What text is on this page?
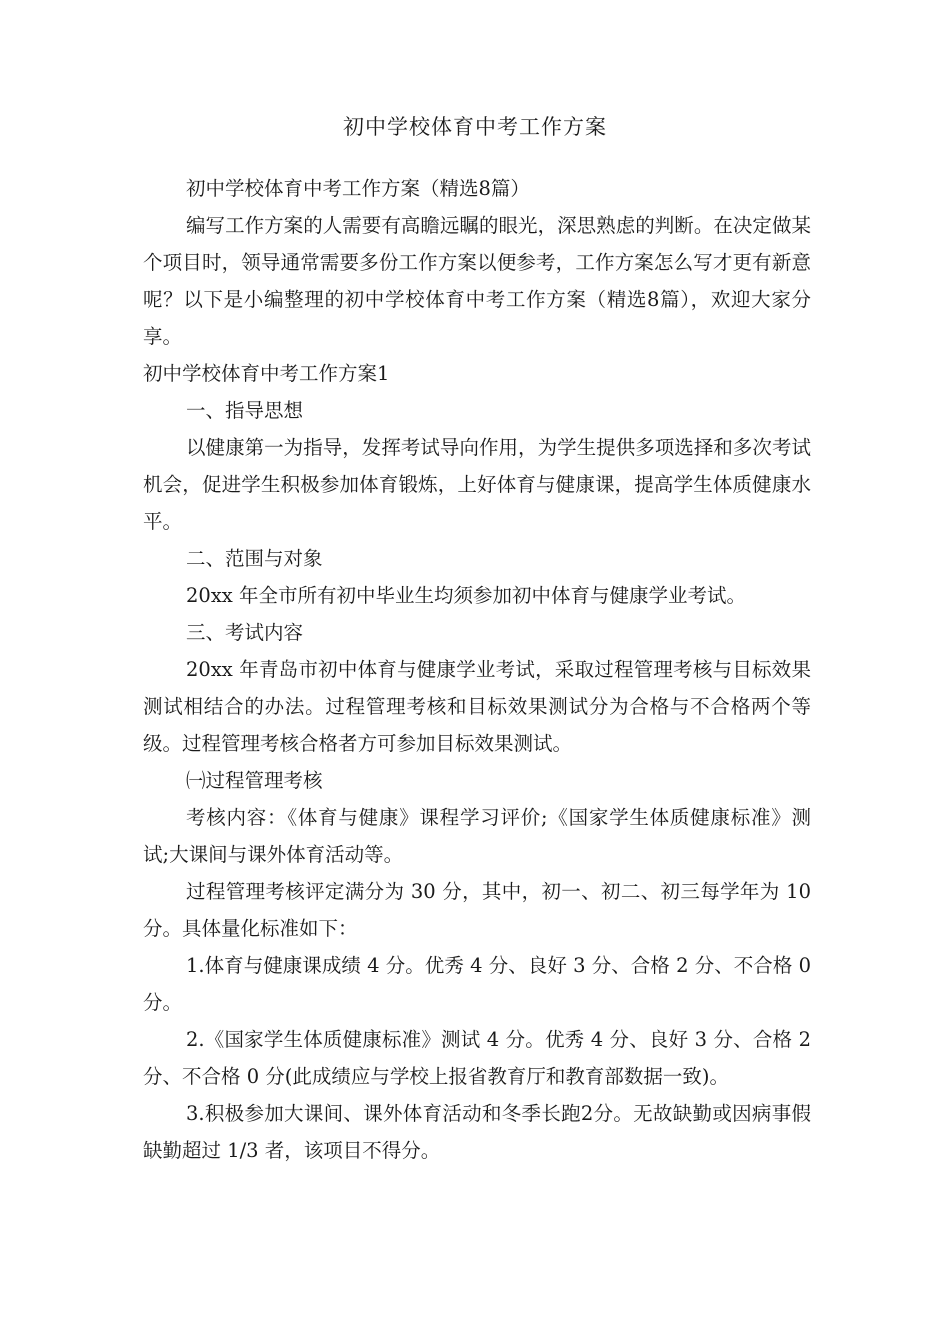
初中学校体育中考工作方案

初中学校体育中考工作方案（精选8篇）

编写工作方案的人需要有高瞻远瞩的眼光，深思熟虑的判断。在决定做某个项目时，领导通常需要多份工作方案以便参考，工作方案怎么写才更有新意呢？以下是小编整理的初中学校体育中考工作方案（精选8篇），欢迎大家分享。

初中学校体育中考工作方案1

一、指导思想

以健康第一为指导，发挥考试导向作用，为学生提供多项选择和多次考试机会，促进学生积极参加体育锻炼，上好体育与健康课，提高学生体质健康水平。

二、范围与对象

20xx 年全市所有初中毕业生均须参加初中体育与健康学业考试。

三、考试内容

20xx 年青岛市初中体育与健康学业考试，采取过程管理考核与目标效果测试相结合的办法。过程管理考核和目标效果测试分为合格与不合格两个等级。过程管理考核合格者方可参加目标效果测试。

㈠过程管理考核

考核内容：《体育与健康》课程学习评价;《国家学生体质健康标准》测试;大课间与课外体育活动等。

过程管理考核评定满分为 30 分，其中，初一、初二、初三每学年为 10 分。具体量化标准如下：

1.体育与健康课成绩 4 分。优秀 4 分、良好 3 分、合格 2 分、不合格 0 分。

2.《国家学生体质健康标准》测试 4 分。优秀 4 分、良好 3 分、合格 2 分、不合格 0 分(此成绩应与学校上报省教育厅和教育部数据一致)。

3.积极参加大课间、课外体育活动和冬季长跑2分。无故缺勤或因病事假缺勤超过 1/3 者，该项目不得分。
